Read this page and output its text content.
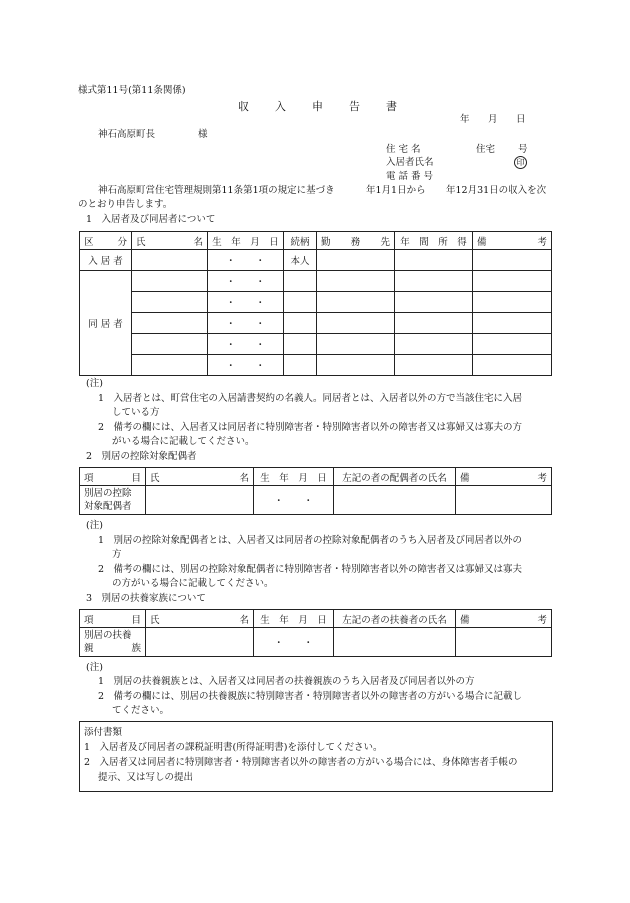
様式第11号(第11条関係)
収 入 申 告 書
年 月 日
神石高原町長	様
住 宅 名	住宅 号
入居者氏名	印
電 話 番 号
神石高原町営住宅管理規則第11条第1項の規定に基づき	年1月1日から 年12月31日の収入を次
のとおり申告します。
1　入居者及び同居者について
区 分	氏 名	生　年　月　日	続柄	勤 務 先	年　間　所　得	備 考

入 居 者		・ ・	本人			
同 居 者		・ ・				
		・ ・				
		・ ・				
		・ ・				
		・ ・				
(注)
1　入居者とは、町営住宅の入居請書契約の名義人。同居者とは、入居者以外の方で当該住宅に入居
している方
2　備考の欄には、入居者又は同居者に特別障害者・特別障害者以外の障害者又は寡婦又は寡夫の方
がいる場合に記載してください。
2　別居の控除対象配偶者
項 目	氏 名	生　年　月　日	左記の者の配偶者の氏名	備 考

別居の控除
対象配偶者		・ ・		
(注)
1　別居の控除対象配偶者とは、入居者又は同居者の控除対象配偶者のうち入居者及び同居者以外の
方
2　備考の欄には、別居の控除対象配偶者に特別障害者・特別障害者以外の障害者又は寡婦又は寡夫
の方がいる場合に記載してください。
3　別居の扶養家族について
項 目	氏 名	生　年　月　日	左記の者の扶養者の氏名	備 考

別居の扶養
親 族		・ ・		
(注)
1　別居の扶養親族とは、入居者又は同居者の扶養親族のうち入居者及び同居者以外の方
2　備考の欄には、別居の扶養親族に特別障害者・特別障害者以外の障害者の方がいる場合に記載し
てください。
添付書類
1　入居者及び同居者の課税証明書(所得証明書)を添付してください。
2　入居者又は同居者に特別障害者・特別障害者以外の障害者の方がいる場合には、身体障害者手帳の
提示、又は写しの提出
